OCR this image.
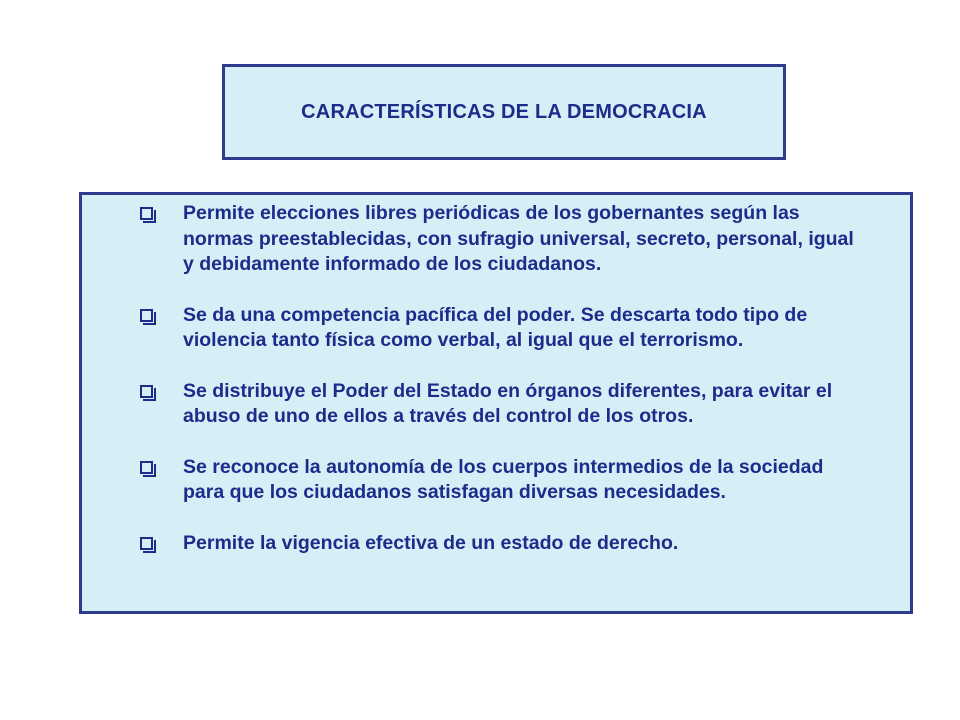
CARACTERÍSTICAS DE LA DEMOCRACIA
Permite elecciones libres periódicas de los gobernantes según las normas preestablecidas, con sufragio universal, secreto, personal, igual y debidamente informado de los ciudadanos.
Se da una competencia pacífica del poder. Se descarta todo tipo de violencia tanto física como verbal, al igual que el terrorismo.
Se distribuye el Poder del Estado en órganos diferentes, para evitar el abuso de uno de ellos a través del control de los otros.
Se reconoce la autonomía de los cuerpos intermedios de la sociedad para que los ciudadanos satisfagan diversas necesidades.
Permite la vigencia efectiva de un estado de derecho.
